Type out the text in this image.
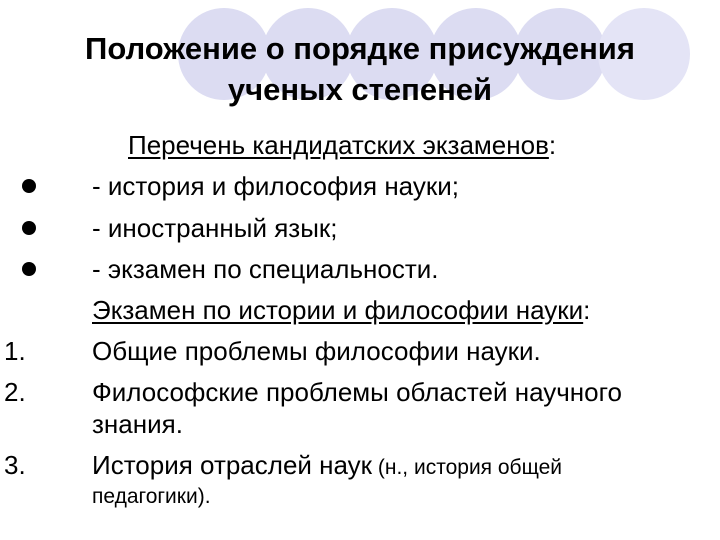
Положение о порядке присуждения
ученых степеней
Перечень кандидатских экзаменов:
- история и философия науки;
- иностранный язык;
- экзамен по специальности.
Экзамен по истории и философии науки:
1.	Общие проблемы философии науки.
2.	Философские проблемы областей научного
знания.
3.	История отраслей наук (н., история общей
педагогики).
